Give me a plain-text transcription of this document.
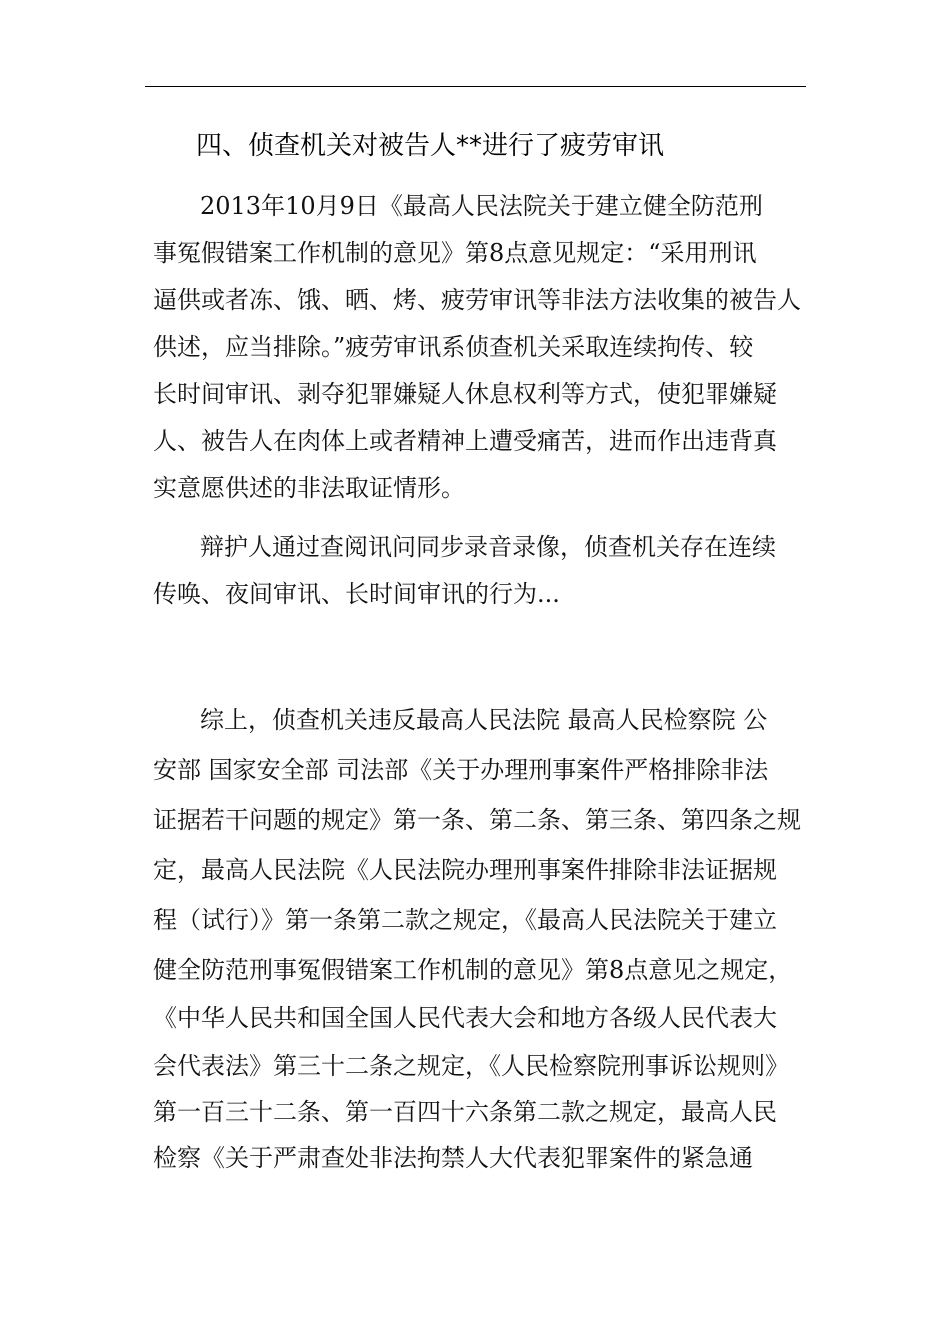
四、侦查机关对被告人**进行了疲劳审讯

2013年10月9日《最高人民法院关于建立健全防范刑

事冤假错案工作机制的意见》第8点意见规定：“采用刑讯

逼供或者冻、饿、晒、烤、疲劳审讯等非法方法收集的被告人

供述，应当排除。”疲劳审讯系侦查机关采取连续拘传、较

长时间审讯、剥夺犯罪嫌疑人休息权利等方式，使犯罪嫌疑

人、被告人在肉体上或者精神上遭受痛苦，进而作出违背真

实意愿供述的非法取证情形。

辩护人通过查阅讯问同步录音录像，侦查机关存在连续

传唤、夜间审讯、长时间审讯的行为...

综上，侦查机关违反最高人民法院 最高人民检察院 公

安部 国家安全部 司法部《关于办理刑事案件严格排除非法

证据若干问题的规定》第一条、第二条、第三条、第四条之规

定，最高人民法院《人民法院办理刑事案件排除非法证据规

程（试行）》第一条第二款之规定，《最高人民法院关于建立

健全防范刑事冤假错案工作机制的意见》第8点意见之规定，

《中华人民共和国全国人民代表大会和地方各级人民代表大

会代表法》第三十二条之规定，《人民检察院刑事诉讼规则》

第一百三十二条、第一百四十六条第二款之规定，最高人民

检察《关于严肃查处非法拘禁人大代表犯罪案件的紧急通
